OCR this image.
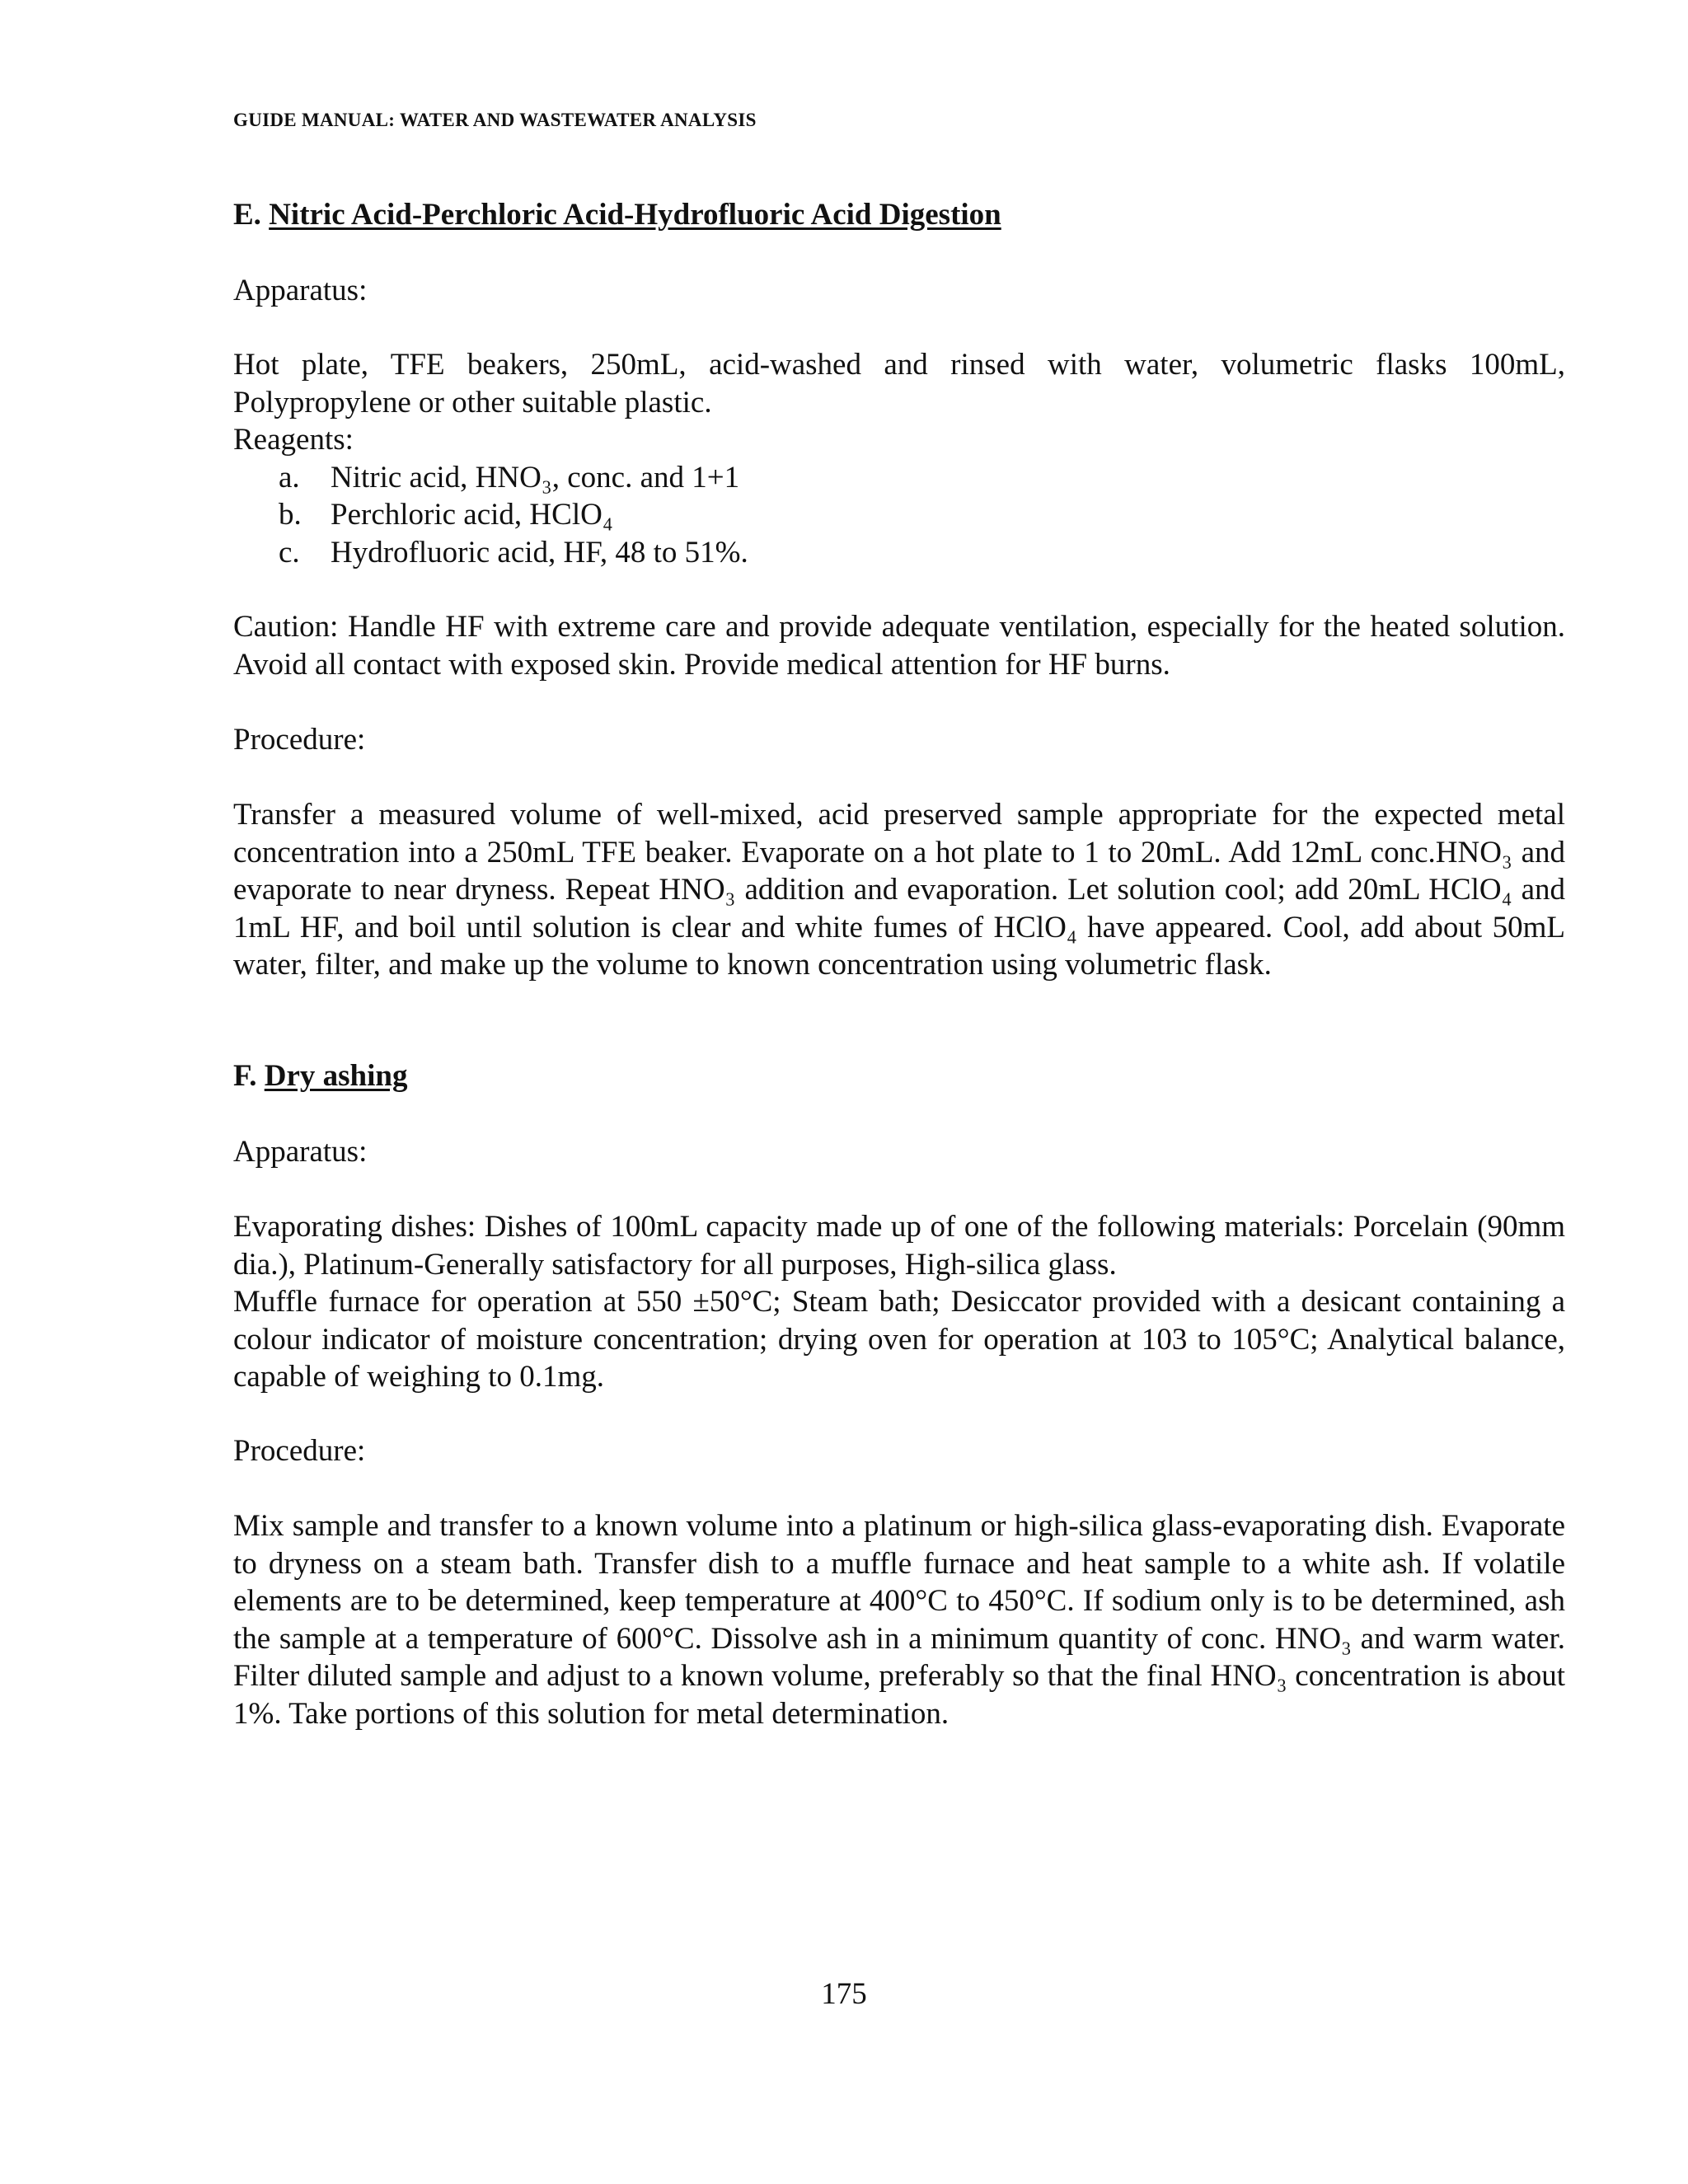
GUIDE MANUAL: WATER AND WASTEWATER ANALYSIS
E. Nitric Acid-Perchloric Acid-Hydrofluoric Acid Digestion
Apparatus:
Hot plate, TFE beakers, 250mL, acid-washed and rinsed with water, volumetric flasks 100mL, Polypropylene or other suitable plastic.
Reagents:
a. Nitric acid, HNO₃, conc. and 1+1
b. Perchloric acid, HClO₄
c. Hydrofluoric acid, HF, 48 to 51%.
Caution: Handle HF with extreme care and provide adequate ventilation, especially for the heated solution. Avoid all contact with exposed skin. Provide medical attention for HF burns.
Procedure:
Transfer a measured volume of well-mixed, acid preserved sample appropriate for the expected metal concentration into a 250mL TFE beaker. Evaporate on a hot plate to 1 to 20mL. Add 12mL conc.HNO₃ and evaporate to near dryness. Repeat HNO₃ addition and evaporation. Let solution cool; add 20mL HClO₄ and 1mL HF, and boil until solution is clear and white fumes of HClO₄ have appeared. Cool, add about 50mL water, filter, and make up the volume to known concentration using volumetric flask.
F. Dry ashing
Apparatus:
Evaporating dishes: Dishes of 100mL capacity made up of one of the following materials: Porcelain (90mm dia.), Platinum-Generally satisfactory for all purposes, High-silica glass.
Muffle furnace for operation at 550 ±50°C; Steam bath; Desiccator provided with a desicant containing a colour indicator of moisture concentration; drying oven for operation at 103 to 105°C; Analytical balance, capable of weighing to 0.1mg.
Procedure:
Mix sample and transfer to a known volume into a platinum or high-silica glass-evaporating dish. Evaporate to dryness on a steam bath. Transfer dish to a muffle furnace and heat sample to a white ash. If volatile elements are to be determined, keep temperature at 400°C to 450°C. If sodium only is to be determined, ash the sample at a temperature of 600°C. Dissolve ash in a minimum quantity of conc. HNO₃ and warm water. Filter diluted sample and adjust to a known volume, preferably so that the final HNO₃ concentration is about 1%. Take portions of this solution for metal determination.
175
